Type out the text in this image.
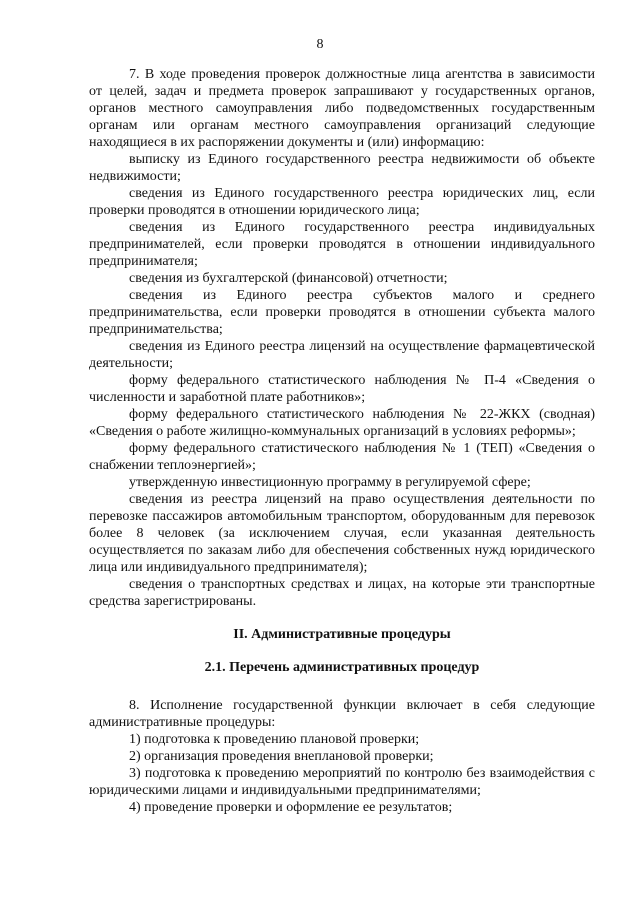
8

7. В ходе проведения проверок должностные лица агентства в зависимости от целей, задач и предмета проверок запрашивают у государственных органов, органов местного самоуправления либо подведомственных государственным органам или органам местного самоуправления организаций следующие находящиеся в их распоряжении документы и (или) информацию:

выписку из Единого государственного реестра недвижимости об объекте недвижимости;

сведения из Единого государственного реестра юридических лиц, если проверки проводятся в отношении юридического лица;

сведения из Единого государственного реестра индивидуальных предпринимателей, если проверки проводятся в отношении индивидуального предпринимателя;

сведения из бухгалтерской (финансовой) отчетности;

сведения из Единого реестра субъектов малого и среднего предпринимательства, если проверки проводятся в отношении субъекта малого предпринимательства;

сведения из Единого реестра лицензий на осуществление фармацевтической деятельности;

форму федерального статистического наблюдения № П-4 «Сведения о численности и заработной плате работников»;

форму федерального статистического наблюдения № 22-ЖКХ (сводная) «Сведения о работе жилищно-коммунальных организаций в условиях реформы»;

форму федерального статистического наблюдения № 1 (ТЕП) «Сведения о снабжении теплоэнергией»;

утвержденную инвестиционную программу в регулируемой сфере;

сведения из реестра лицензий на право осуществления деятельности по перевозке пассажиров автомобильным транспортом, оборудованным для перевозок более 8 человек (за исключением случая, если указанная деятельность осуществляется по заказам либо для обеспечения собственных нужд юридического лица или индивидуального предпринимателя);

сведения о транспортных средствах и лицах, на которые эти транспортные средства зарегистрированы.

II. Административные процедуры

2.1. Перечень административных процедур

8. Исполнение государственной функции включает в себя следующие административные процедуры:

1) подготовка к проведению плановой проверки;

2) организация проведения внеплановой проверки;

3) подготовка к проведению мероприятий по контролю без взаимодействия с юридическими лицами и индивидуальными предпринимателями;

4) проведение проверки и оформление ее результатов;
